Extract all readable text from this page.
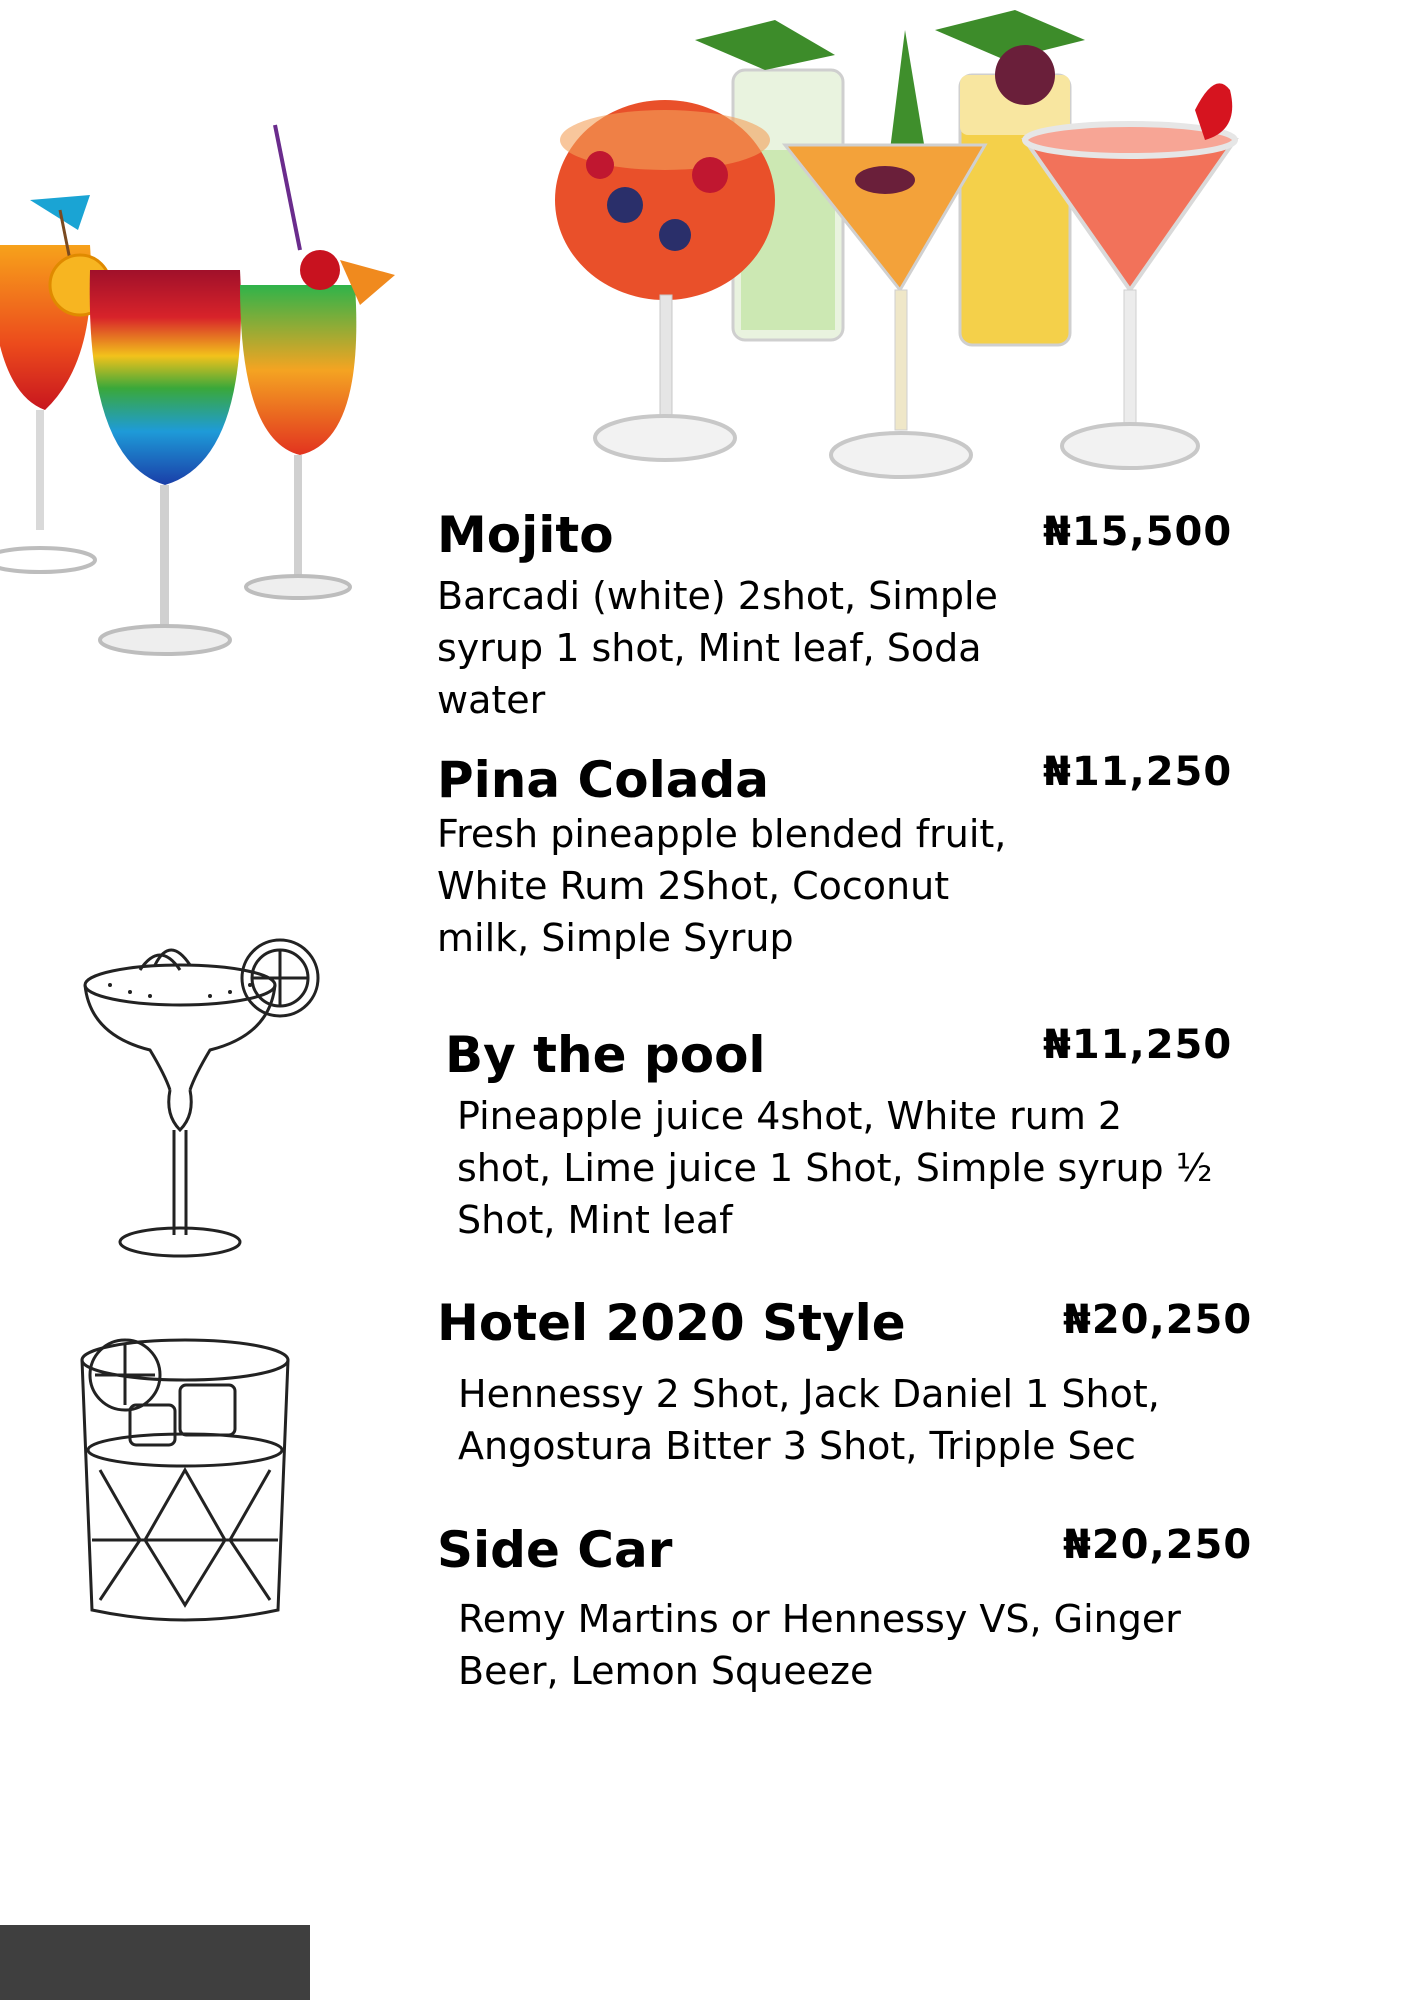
Mojito	₦15,500
Barcadi (white) 2shot, Simple
syrup 1 shot, Mint leaf, Soda
water
Pina Colada	₦11,250
Fresh pineapple blended fruit,
White Rum 2Shot, Coconut
milk, Simple Syrup
By the pool	₦11,250
Pineapple juice 4shot, White rum 2
shot, Lime juice 1 Shot, Simple syrup ½
Shot, Mint leaf
Hotel 2020 Style	₦20,250
Hennessy 2 Shot, Jack Daniel 1 Shot,
Angostura Bitter 3 Shot, Tripple Sec
Side Car	₦20,250
Remy Martins or Hennessy VS, Ginger
Beer, Lemon Squeeze
